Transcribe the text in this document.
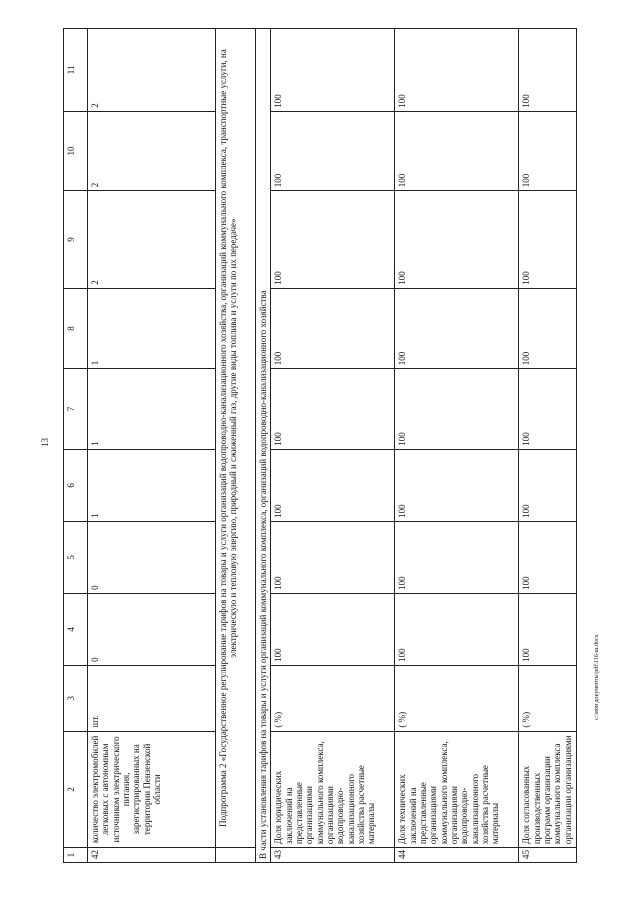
13
1	2	3	4	5	6	7	8	9	10	11
42	количество электромобилей легковых с автономным источником электрического питания, зарегистрированных на территории Пензенской области	шт.	0	0	1	1	1	2	2	2
	Подпрограмма 2 «Государственное регулирование тарифов на товары и услуги организаций водопроводно-канализационного хозяйства, организаций коммунального комплекса, транспортные услуги, на электрическую и тепловую энергию, природный и сжиженный газ, другие виды топлива и услуги по их передаче»									
В части установления тарифов на товары и услуги организаций коммунального комплекса, организаций водопроводно-канализационного хозяйства										
43	Доля юридических заключений на представленные организациями коммунального комплекса, организациями водопроводно-канализационного хозяйства расчетные материалы	( %)	100	100	100	100	100	100	100	100
44	Доля технических заключений на представленные организациями коммунального комплекса, организациями водопроводно-канализационного хозяйства расчетные материалы	( %)	100	100	100	100	100	100	100	100
45	Доля согласованных производственных программ организации коммунального комплекса организации организациями	( %)	100	100	100	100	100	100	100	100
c:\мои документы\pdf\116-ш.docx
